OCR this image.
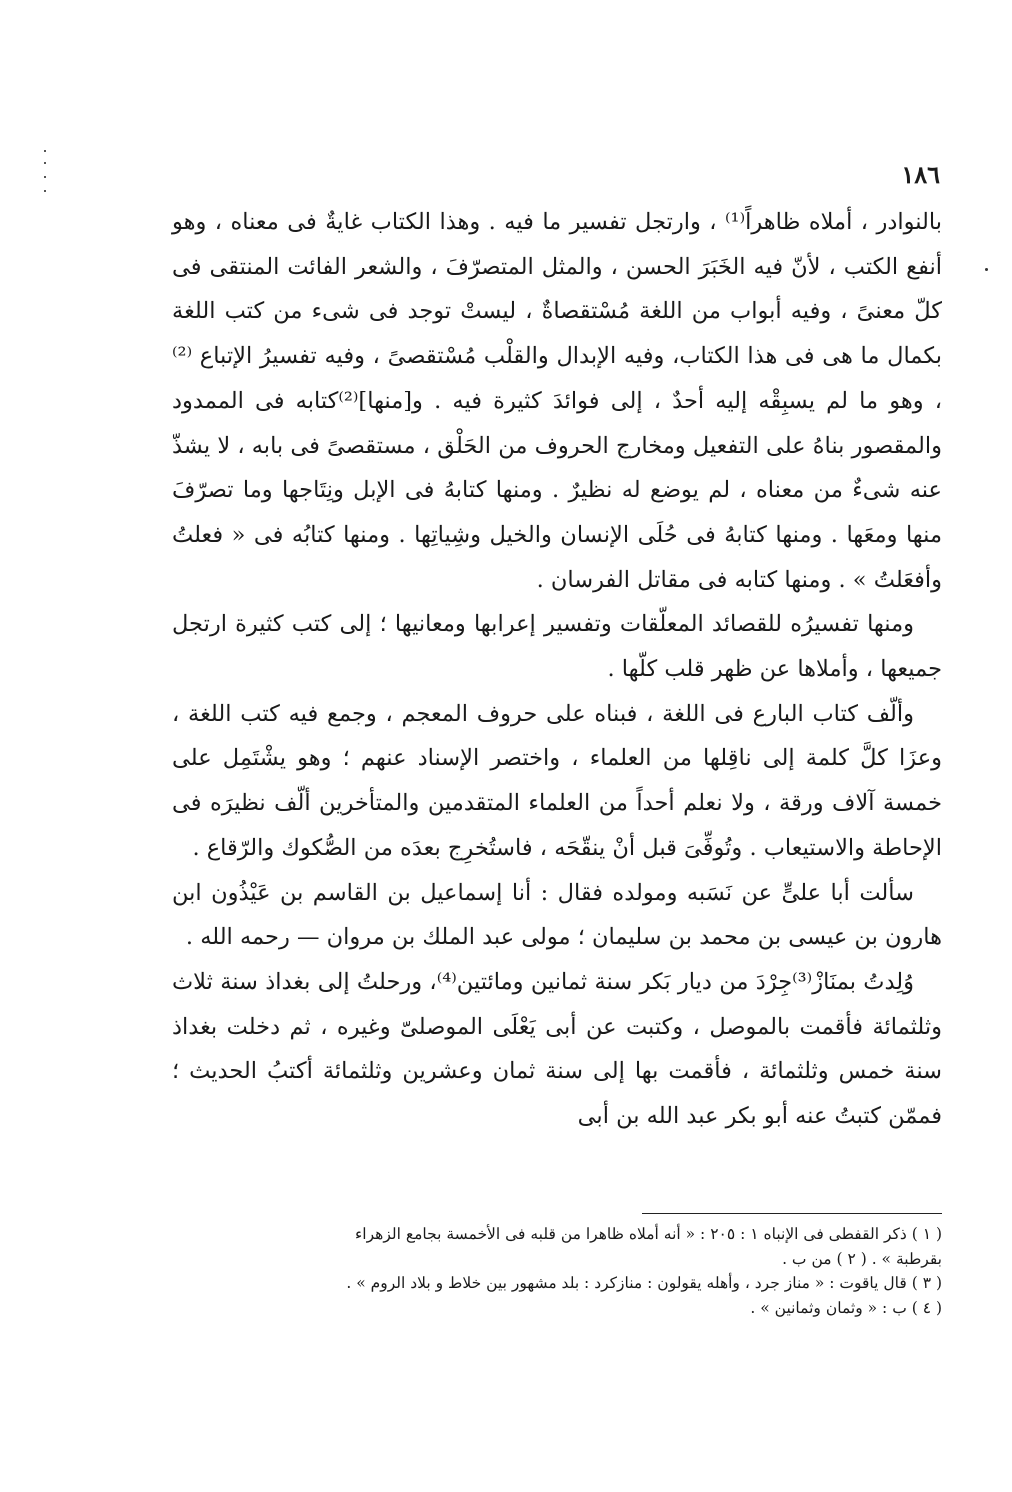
١٨٦

بالنوادر ، أملاه ظاهراً⁽¹⁾ ، وارتجل تفسير ما فيه . وهذا الكتاب غايةٌ فى معناه ، وهو أنفع الكتب ، لأنّ فيه الخَبَرَ الحسن ، والمثل المتصرّفَ ، والشعر الفائت المنتقى فى كلّ معنىً ، وفيه أبواب من اللغة مُسْتقصاةٌ ، ليستْ توجد فى شىء من كتب اللغة بكمال ما هى فى هذا الكتاب، وفيه الإبدال والقلْب مُسْتقصىً ، وفيه تفسيرُ الإتباع ⁽²⁾ ، وهو ما لم يسبِقْه إليه أحدٌ ، إلى فوائدَ كثيرة فيه . و[منها]⁽²⁾كتابه فى الممدود والمقصور بناهُ على التفعيل ومخارج الحروف من الحَلْق ، مستقصىً فى بابه ، لا يشذّ عنه شىءٌ من معناه ، لم يوضع له نظيرٌ . ومنها كتابهُ فى الإبل ونِتَاجها وما تصرّفَ منها ومعَها . ومنها كتابهُ فى حُلَى الإنسان والخيل وشِياتِها . ومنها كتابُه فى « فعلتُ وأفعَلتُ » . ومنها كتابه فى مقاتل الفرسان .

ومنها تفسيرُه للقصائد المعلّقات وتفسير إعرابها ومعانيها ؛ إلى كتب كثيرة ارتجل جميعها ، وأملاها عن ظهر قلب كلّها .

وألّف كتاب البارع فى اللغة ، فبناه على حروف المعجم ، وجمع فيه كتب اللغة ، وعزَا كلَّ كلمة إلى ناقِلها من العلماء ، واختصر الإسناد عنهم ؛ وهو يشْتَمِل على خمسة آلاف ورقة ، ولا نعلم أحداً من العلماء المتقدمين والمتأخرين ألّف نظيرَه فى الإحاطة والاستيعاب . وتُوفِّىَ قبل أنْ ينقّحَه ، فاستُخرِج بعدَه من الصُّكوك والرّقاع .

سألت أبا علىٍّ عن نَسَبه ومولده فقال : أنا إسماعيل بن القاسم بن عَيْذُون ابن هارون بن عيسى بن محمد بن سليمان ؛ مولى عبد الملك بن مروان — رحمه الله .

وُلِدتُ بمنَازْ⁽³⁾جِرْدَ من ديار بَكر سنة ثمانين ومائتين⁽⁴⁾، ورحلتُ إلى بغداذ سنة ثلاث وثلثمائة فأقمت بالموصل ، وكتبت عن أبى يَعْلَى الموصلىّ وغيره ، ثم دخلت بغداذ سنة خمس وثلثمائة ، فأقمت بها إلى سنة ثمان وعشرين وثلثمائة أكتبُ الحديث ؛ فممّن كتبتُ عنه أبو بكر عبد الله بن أبى

( ١ ) ذكر القفطى فى الإنباه ١ : ٢٠٥ : « أنه أملاه ظاهرا من قلبه فى الأخمسة بجامع الزهراء

بقرطبة » . ( ٢ ) من ب .

( ٣ ) قال ياقوت : « مناز جرد ، وأهله يقولون : منازكرد : بلد مشهور بين خلاط و بلاد الروم » .

( ٤ ) ب : « وثمان وثمانين » .
